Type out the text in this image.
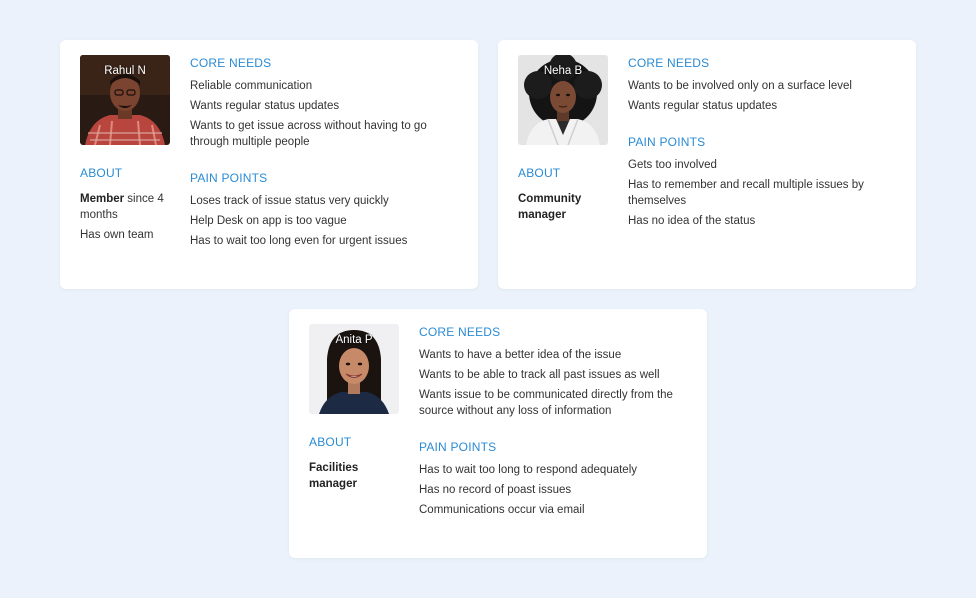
Rahul N
ABOUT
Member since 4 months
Has own team
CORE NEEDS
Reliable communication
Wants regular status updates
Wants to get issue across without having to go through multiple people
PAIN POINTS
Loses track of issue status very quickly
Help Desk on app is too vague
Has to wait too long even for urgent issues
Neha B
ABOUT
Community manager
CORE NEEDS
Wants to be involved only on a surface level
Wants regular status updates
PAIN POINTS
Gets too involved
Has to remember and recall multiple issues by themselves
Has no idea of the status
Anita P
ABOUT
Facilities manager
CORE NEEDS
Wants to have a better idea of the issue
Wants to be able to track all past issues as well
Wants issue to be communicated directly from the source without any loss of information
PAIN POINTS
Has to wait too long to respond adequately
Has no record of poast issues
Communications occur via email
